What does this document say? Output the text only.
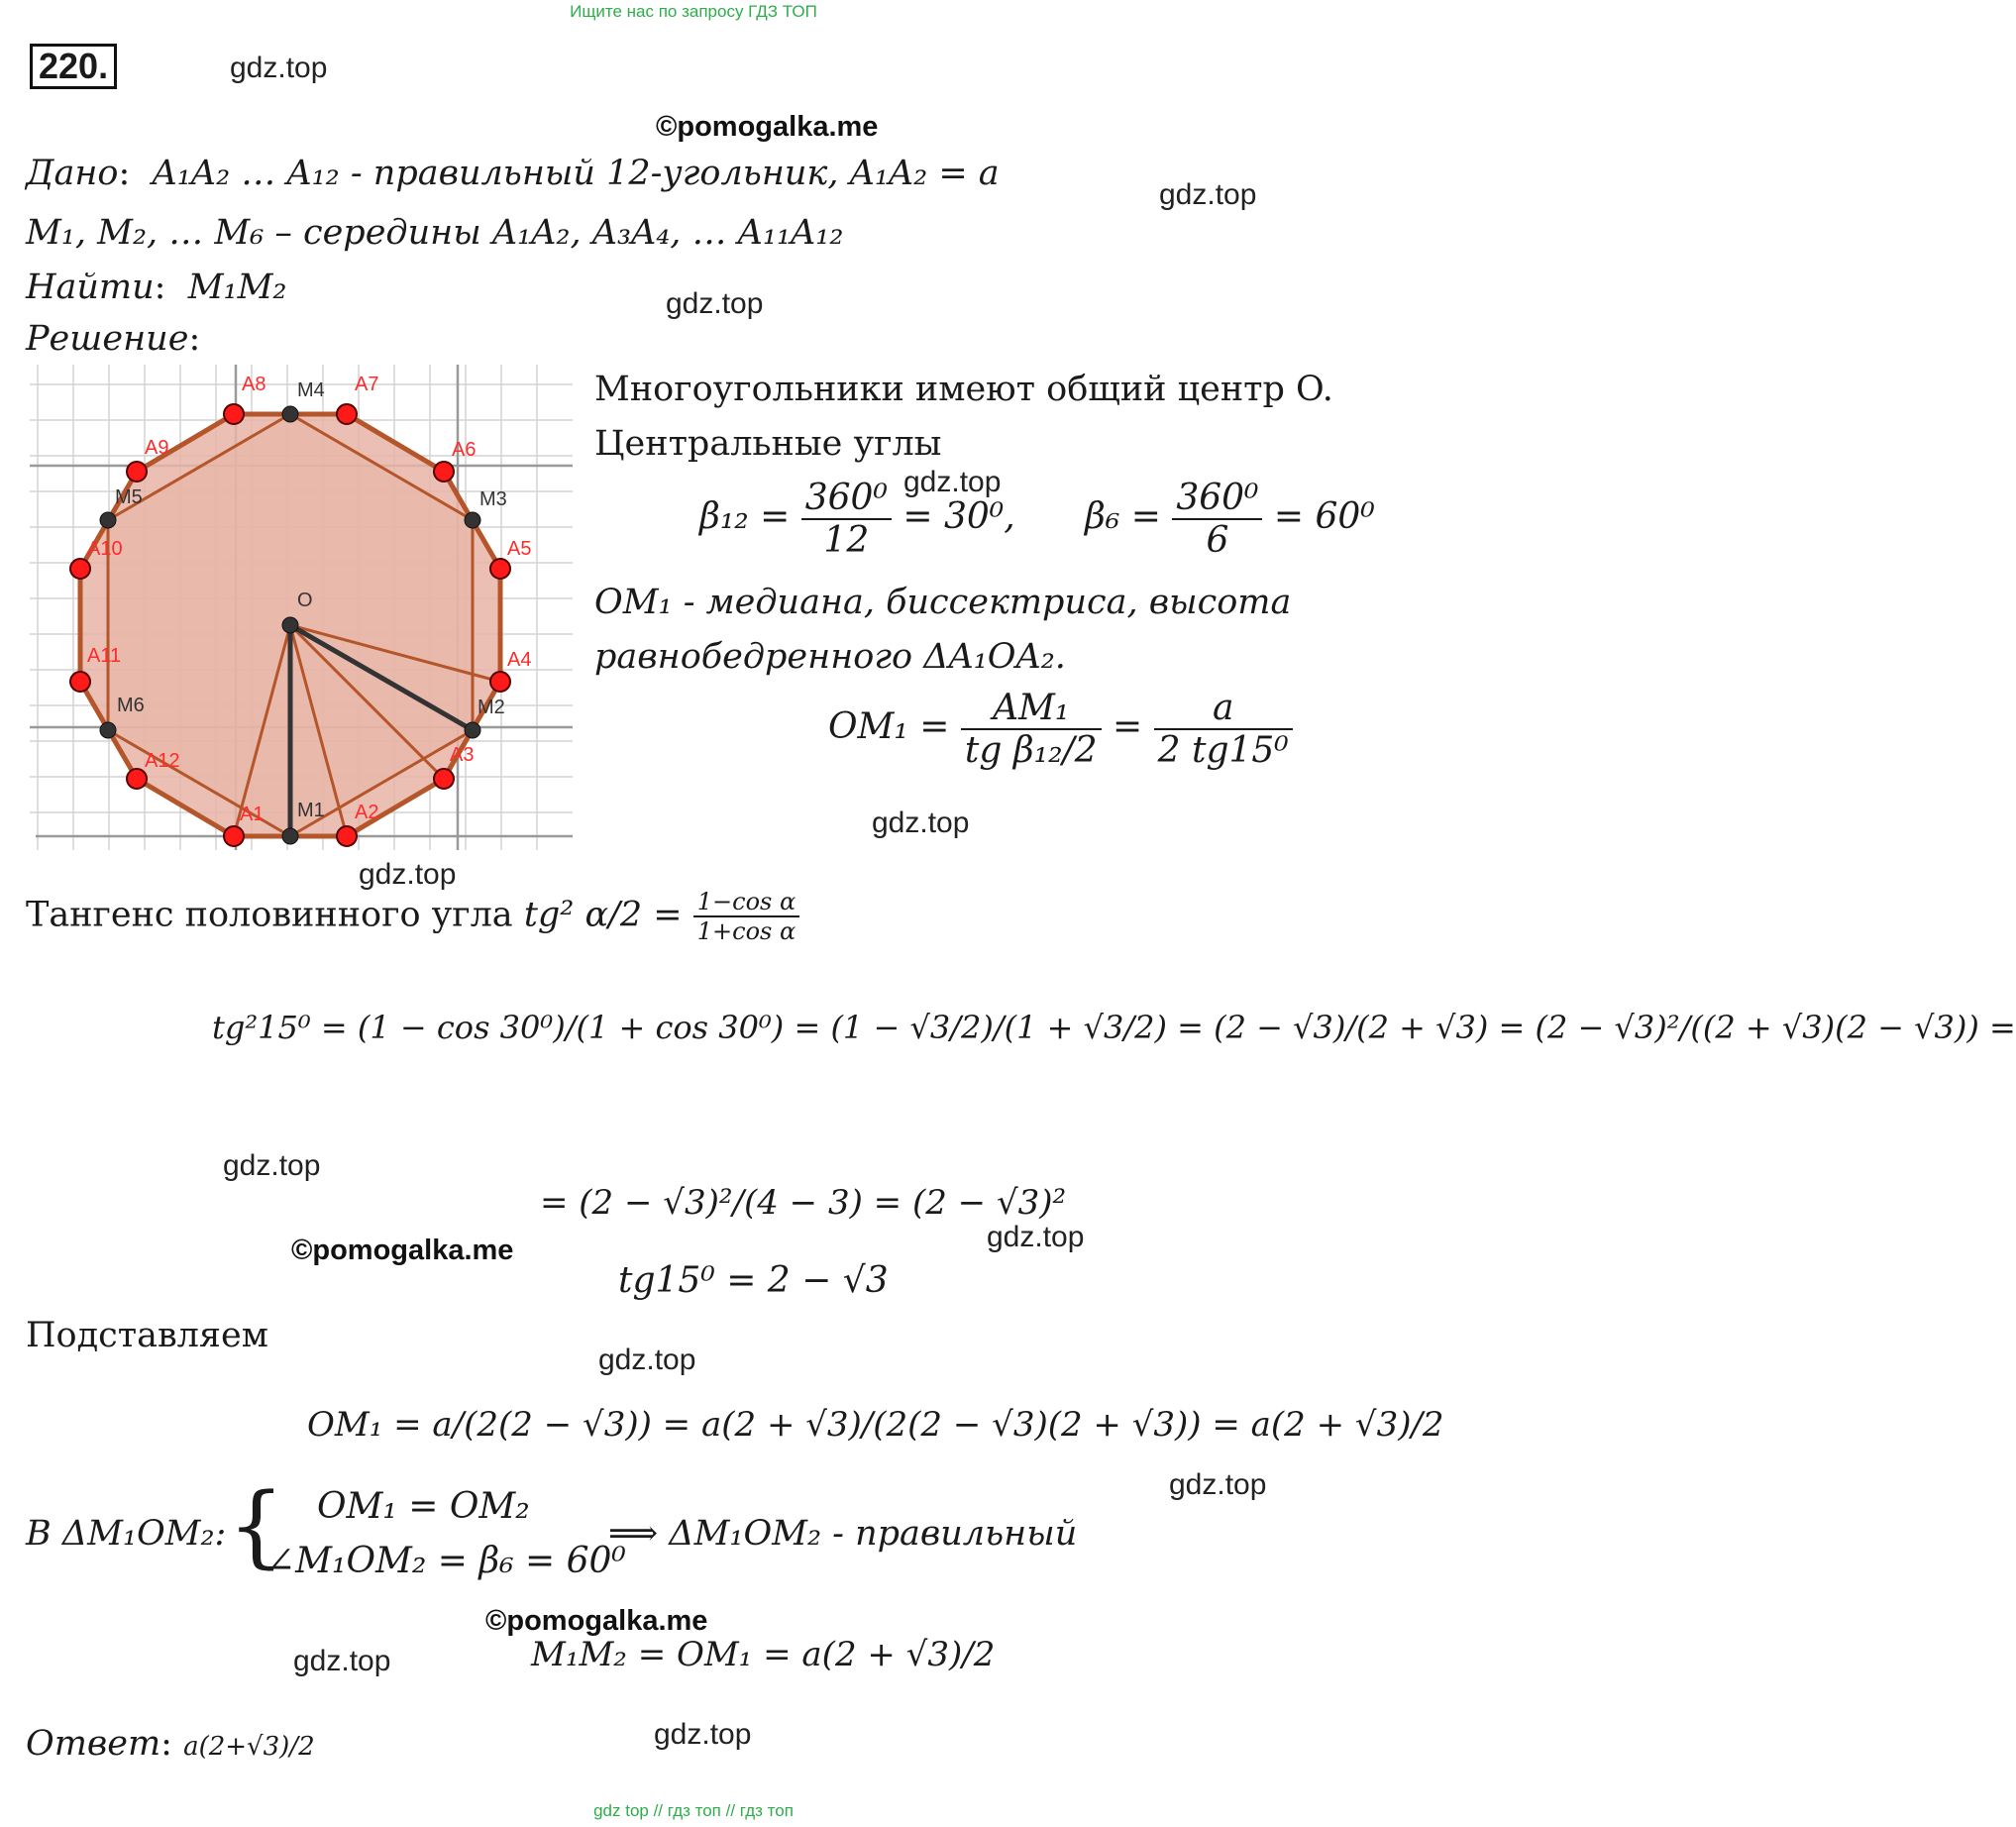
Ищите нас по запросу ГДЗ ТОП
220.	gdz.top
©pomogalka.me
gdz.top
gdz.top
Дано:  A₁A₂ … A₁₂ - правильный 12-угольник, A₁A₂ = a
M₁, M₂, … M₆ – середины A₁A₂, A₃A₄, … A₁₁A₁₂
Найти:  M₁M₂
Решение:
A1	A2
A3
A4
A5
A6
A7
A8
A9
A10
A11
A12
M1
M2
M3
M4
M5
M6
O
Многоугольники имеют общий центр O.
Центральные углы
gdz.top
$\beta_{12} = \frac{\text{360⁰}}{12} = 30^0$, $\beta_6 = \frac{\text{360⁰}}{6} = 60^0$
OM₁ - медиана, биссектриса, высота
равнобедренного ΔA₁OA₂.
$OM_1 = \frac{\text{AM₁}}{\text{tg β₁₂/2}} = \frac{a}{\text{2 tg15⁰}}$
gdz.top
gdz.top
Тангенс половинного угла tg² $\alpha/2 = \frac{\text{1−cos α}}{\text{1+cos α}}$
tg²15⁰ = (1 − cos 30⁰)/(1 + cos 30⁰) = (1 − √3/2)/(1 + √3/2) = (2 − √3)/(2 + √3) = (2 − √3)²/((2 + √3)(2 − √3)) =
gdz.top
= (2 − √3)²/(4 − 3) = (2 − √3)²
gdz.top
©pomogalka.me
tg15⁰ = 2 − √3
Подставляем
gdz.top
OM₁ = a/(2(2 − √3)) = a(2 + √3)/(2(2 − √3)(2 + √3)) = a(2 + √3)/2
gdz.top
В ΔM₁OM₂: { OM₁ = OM₂
∠M₁OM₂ = β₆ = 60⁰
⟹ ΔM₁OM₂ - правильный
©pomogalka.me
M₁M₂ = OM₁ = a(2 + √3)/2
gdz.top
Ответ: a(2+√3)/2	gdz.top
gdz top // гдз топ // гдз топ
